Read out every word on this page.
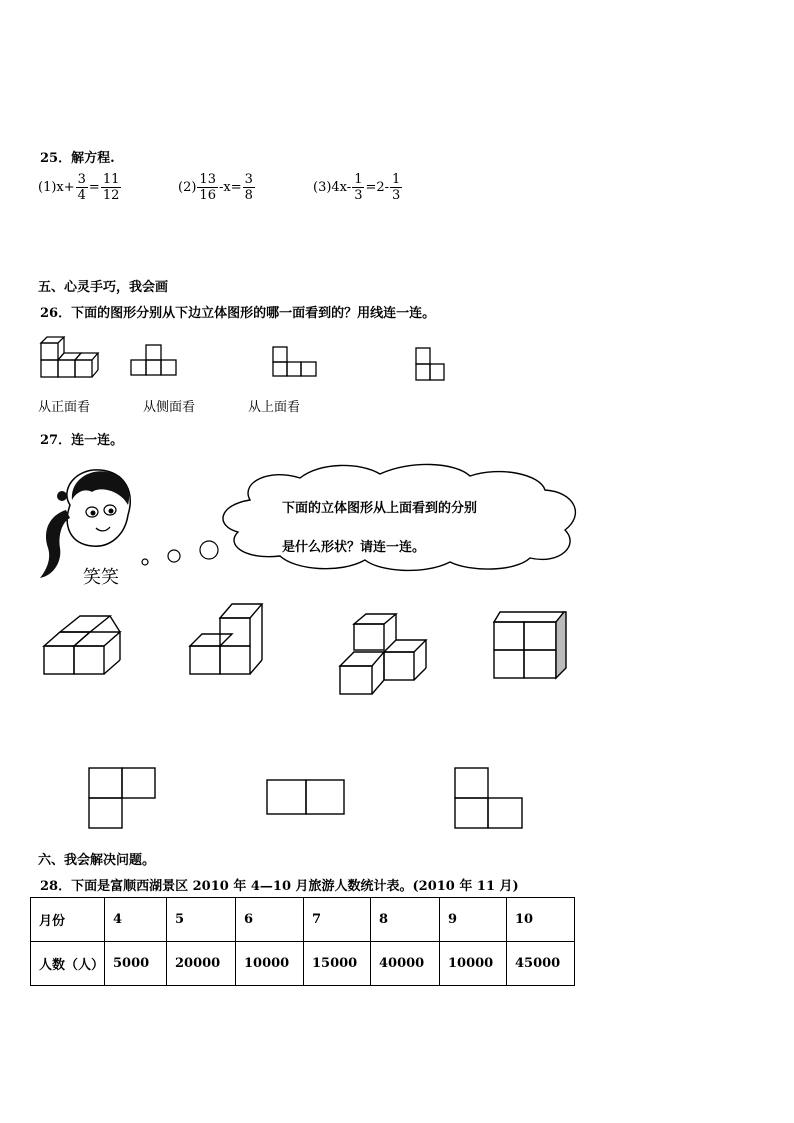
25．解方程.
$(1)x+ \frac{3}{4} = \frac{11}{12}$	$(2) \frac{13}{16} -x= \frac{3}{8}$	$(3)4x- \frac{1}{3} =2- \frac{1}{3}$
五、心灵手巧，我会画
26．下面的图形分别从下边立体图形的哪一面看到的？用线连一连。
从正面看	从侧面看	从上面看
27．连一连。
笑笑
下面的立体图形从上面看到的分别
是什么形状？请连一连。
六、我会解决问题。
28．下面是富顺西湖景区 2010 年 4—10 月旅游人数统计表。(2010 年 11 月)
月份	4	5	6	7	8	9	10
人数（人）	5000	20000	10000	15000	40000	10000	45000
